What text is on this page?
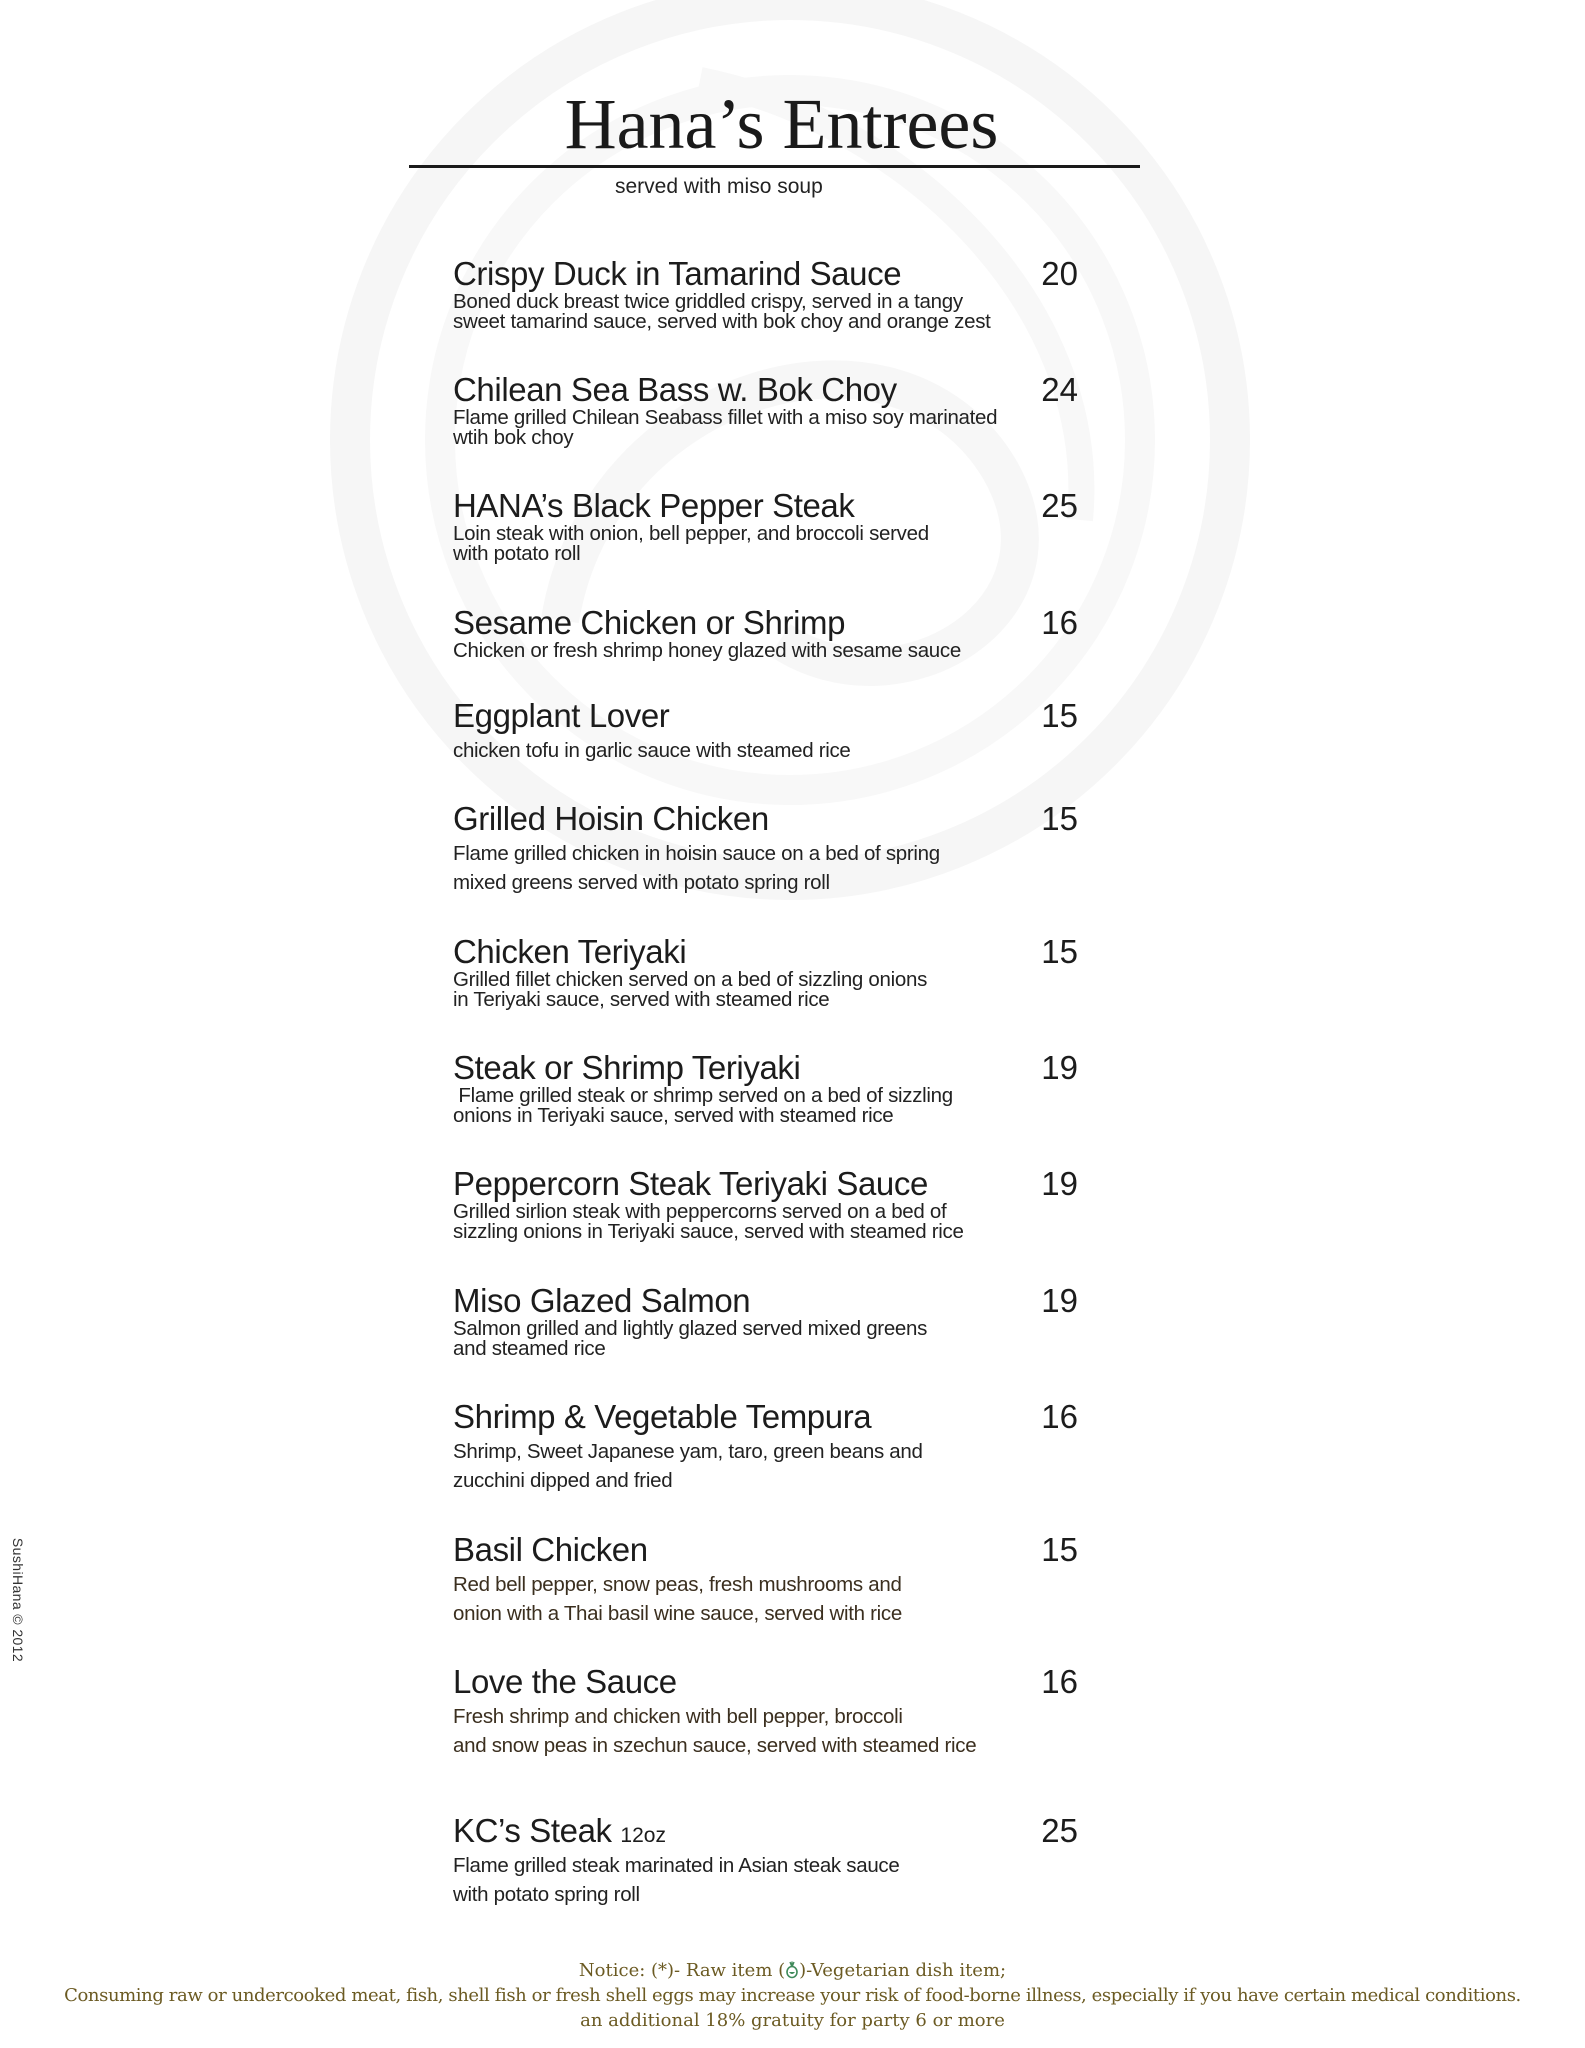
Hana’s Entrees
served with miso soup
Crispy Duck in Tamarind Sauce	20
Boned duck breast twice griddled crispy, served in a tangy
sweet tamarind sauce, served with bok choy and orange zest
Chilean Sea Bass w. Bok Choy	24
Flame grilled Chilean Seabass fillet with a miso soy marinated
wtih bok choy
HANA’s Black Pepper Steak	25
Loin steak with onion, bell pepper, and broccoli served
with potato roll
Sesame Chicken or Shrimp	16
Chicken or fresh shrimp honey glazed with sesame sauce
Eggplant Lover	15
chicken tofu in garlic sauce with steamed rice
Grilled Hoisin Chicken	15
Flame grilled chicken in hoisin sauce on a bed of spring
mixed greens served with potato spring roll
Chicken Teriyaki	15
Grilled fillet chicken served on a bed of sizzling onions
in Teriyaki sauce, served with steamed rice
Steak or Shrimp Teriyaki	19
Flame grilled steak or shrimp served on a bed of sizzling
onions in Teriyaki sauce, served with steamed rice
Peppercorn Steak Teriyaki Sauce	19
Grilled sirlion steak with peppercorns served on a bed of
sizzling onions in Teriyaki sauce, served with steamed rice
Miso Glazed Salmon	19
Salmon grilled and lightly glazed served mixed greens
and steamed rice
Shrimp & Vegetable Tempura	16
Shrimp, Sweet Japanese yam, taro, green beans and
zucchini dipped and fried
Basil Chicken	15
Red bell pepper, snow peas, fresh mushrooms and
onion with a Thai basil wine sauce, served with rice
Love the Sauce	16
Fresh shrimp and chicken with bell pepper, broccoli
and snow peas in szechun sauce, served with steamed rice
KC’s Steak 12oz	25
Flame grilled steak marinated in Asian steak sauce
with potato spring roll
SushiHana © 2012
Notice: (*)- Raw item ( )-Vegetarian dish item;
Consuming raw or undercooked meat, fish, shell fish or fresh shell eggs may increase your risk of food-borne illness, especially if you have certain medical conditions.
an additional 18% gratuity for party 6 or more
